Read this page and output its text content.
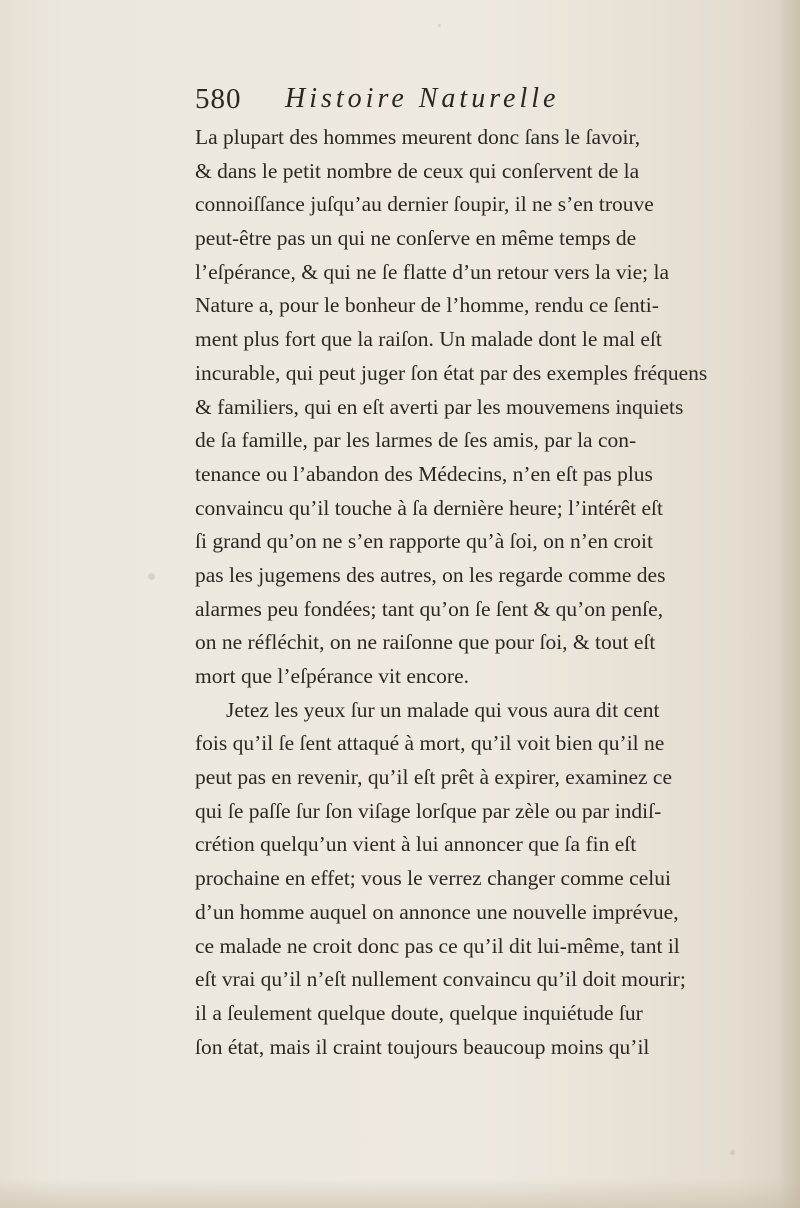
580 Histoire Naturelle
La plupart des hommes meurent donc ſans le ſavoir,
& dans le petit nombre de ceux qui conſervent de la
connoiſſance juſqu’au dernier ſoupir, il ne s’en trouve
peut-être pas un qui ne conſerve en même temps de
l’eſpérance, & qui ne ſe flatte d’un retour vers la vie; la
Nature a, pour le bonheur de l’homme, rendu ce ſenti-
ment plus fort que la raiſon. Un malade dont le mal eſt
incurable, qui peut juger ſon état par des exemples fréquens
& familiers, qui en eſt averti par les mouvemens inquiets
de ſa famille, par les larmes de ſes amis, par la con-
tenance ou l’abandon des Médecins, n’en eſt pas plus
convaincu qu’il touche à ſa dernière heure; l’intérêt eſt
ſi grand qu’on ne s’en rapporte qu’à ſoi, on n’en croit
pas les jugemens des autres, on les regarde comme des
alarmes peu fondées; tant qu’on ſe ſent & qu’on penſe,
on ne réfléchit, on ne raiſonne que pour ſoi, & tout eſt
mort que l’eſpérance vit encore.
Jetez les yeux ſur un malade qui vous aura dit cent
fois qu’il ſe ſent attaqué à mort, qu’il voit bien qu’il ne
peut pas en revenir, qu’il eſt prêt à expirer, examinez ce
qui ſe paſſe ſur ſon viſage lorſque par zèle ou par indiſ-
crétion quelqu’un vient à lui annoncer que ſa fin eſt
prochaine en effet; vous le verrez changer comme celui
d’un homme auquel on annonce une nouvelle imprévue,
ce malade ne croit donc pas ce qu’il dit lui-même, tant il
eſt vrai qu’il n’eſt nullement convaincu qu’il doit mourir;
il a ſeulement quelque doute, quelque inquiétude ſur
ſon état, mais il craint toujours beaucoup moins qu’il
